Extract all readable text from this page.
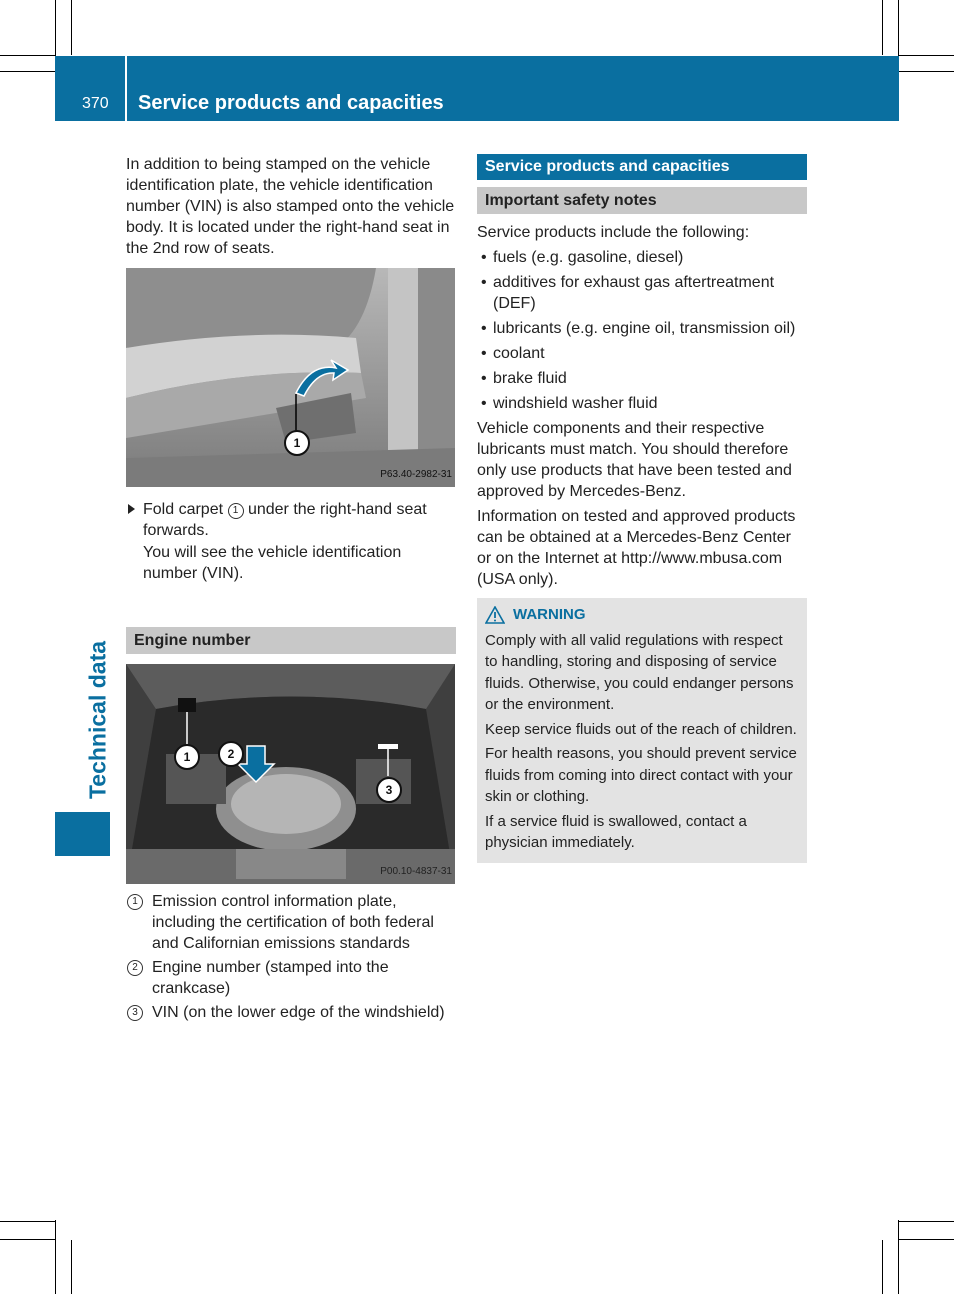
370 Service products and capacities
Technical data

In addition to being stamped on the vehicle identification plate, the vehicle identification number (VIN) is also stamped onto the vehicle body. It is located under the right-hand seat in the 2nd row of seats.

1
P63.40-2982-31
Fold carpet 1 under the right-hand seat forwards.
You will see the vehicle identification number (VIN).
Engine number
1	2
3
P00.10-4837-31
1 Emission control information plate, including the certification of both federal and Californian emissions standards
2 Engine number (stamped into the crankcase)
3 VIN (on the lower edge of the windshield)
Service products and capacities
Important safety notes

Service products include the following:

• fuels (e.g. gasoline, diesel)
• additives for exhaust gas aftertreatment (DEF)
• lubricants (e.g. engine oil, transmission oil)
• coolant
• brake fluid
• windshield washer fluid

Vehicle components and their respective lubricants must match. You should therefore only use products that have been tested and approved by Mercedes-Benz.

Information on tested and approved products can be obtained at a Mercedes-Benz Center or on the Internet at http://​www.mbusa.com (USA only).

WARNING

Comply with all valid regulations with respect to handling, storing and disposing of service fluids. Otherwise, you could endanger persons or the environment.

Keep service fluids out of the reach of children.

For health reasons, you should prevent service fluids from coming into direct contact with your skin or clothing.

If a service fluid is swallowed, contact a physician immediately.
